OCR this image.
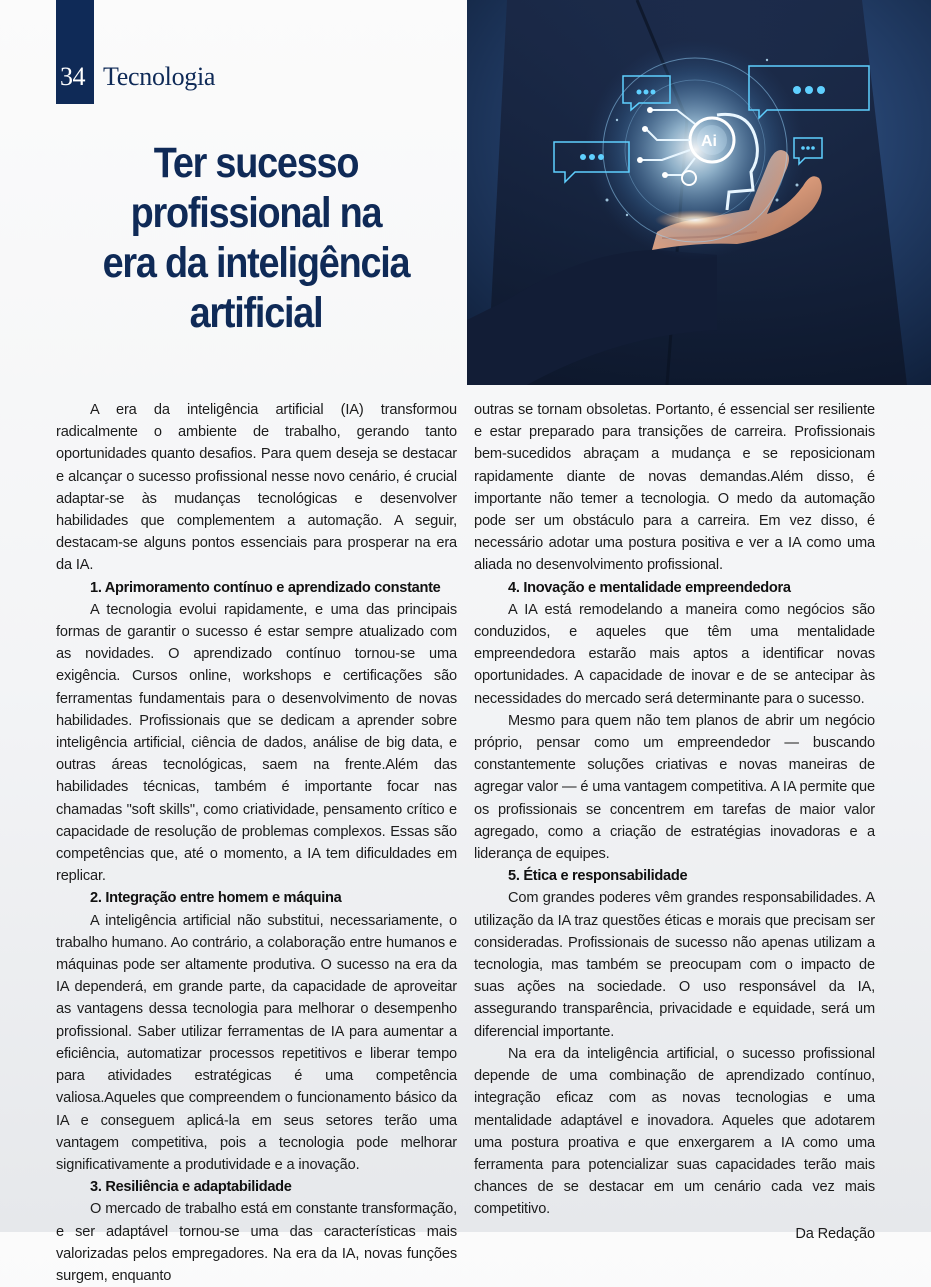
34 Tecnologia
Ter sucesso
profissional na
era da inteligência
artificial
Ai

A era da inteligência artificial (IA) transformou radicalmente o ambiente de trabalho, gerando tanto oportunidades quanto desafios. Para quem deseja se destacar e alcançar o sucesso profissional nesse novo cenário, é crucial adaptar-se às mudanças tecnológicas e desenvolver habilidades que complementem a automação. A seguir, destacam-se alguns pontos essenciais para prosperar na era da IA.

1. Aprimoramento contínuo e aprendizado constante

A tecnologia evolui rapidamente, e uma das principais formas de garantir o sucesso é estar sempre atualizado com as novidades. O aprendizado contínuo tornou-se uma exigência. Cursos online, workshops e certificações são ferramentas fundamentais para o desenvolvimento de novas habilidades. Profissionais que se dedicam a aprender sobre inteligência artificial, ciência de dados, análise de big data, e outras áreas tecnológicas, saem na frente.Além das habilidades técnicas, também é importante focar nas chamadas "soft skills", como criatividade, pensamento crítico e capacidade de resolução de problemas complexos. Essas são competências que, até o momento, a IA tem dificuldades em replicar.

2. Integração entre homem e máquina

A inteligência artificial não substitui, necessariamente, o trabalho humano. Ao contrário, a colaboração entre humanos e máquinas pode ser altamente produtiva. O sucesso na era da IA dependerá, em grande parte, da capacidade de aproveitar as vantagens dessa tecnologia para melhorar o desempenho profissional. Saber utilizar ferramentas de IA para aumentar a eficiência, automatizar processos repetitivos e liberar tempo para atividades estratégicas é uma competência valiosa.Aqueles que compreendem o funcionamento básico da IA e conseguem aplicá-la em seus setores terão uma vantagem competitiva, pois a tecnologia pode melhorar significativamente a produtividade e a inovação.

3. Resiliência e adaptabilidade

O mercado de trabalho está em constante transformação, e ser adaptável tornou-se uma das características mais valorizadas pelos empregadores. Na era da IA, novas funções surgem, enquanto

outras se tornam obsoletas. Portanto, é essencial ser resiliente e estar preparado para transições de carreira. Profissionais bem-sucedidos abraçam a mudança e se reposicionam rapidamente diante de novas demandas.Além disso, é importante não temer a tecnologia. O medo da automação pode ser um obstáculo para a carreira. Em vez disso, é necessário adotar uma postura positiva e ver a IA como uma aliada no desenvolvimento profissional.

4. Inovação e mentalidade empreendedora

A IA está remodelando a maneira como negócios são conduzidos, e aqueles que têm uma mentalidade empreendedora estarão mais aptos a identificar novas oportunidades. A capacidade de inovar e de se antecipar às necessidades do mercado será determinante para o sucesso.

Mesmo para quem não tem planos de abrir um negócio próprio, pensar como um empreendedor — buscando constantemente soluções criativas e novas maneiras de agregar valor — é uma vantagem competitiva. A IA permite que os profissionais se concentrem em tarefas de maior valor agregado, como a criação de estratégias inovadoras e a liderança de equipes.

5. Ética e responsabilidade

Com grandes poderes vêm grandes responsabilidades. A utilização da IA traz questões éticas e morais que precisam ser consideradas. Profissionais de sucesso não apenas utilizam a tecnologia, mas também se preocupam com o impacto de suas ações na sociedade. O uso responsável da IA, assegurando transparência, privacidade e equidade, será um diferencial importante.

Na era da inteligência artificial, o sucesso profissional depende de uma combinação de aprendizado contínuo, integração eficaz com as novas tecnologias e uma mentalidade adaptável e inovadora. Aqueles que adotarem uma postura proativa e que enxergarem a IA como uma ferramenta para potencializar suas capacidades terão mais chances de se destacar em um cenário cada vez mais competitivo.

Da Redação
